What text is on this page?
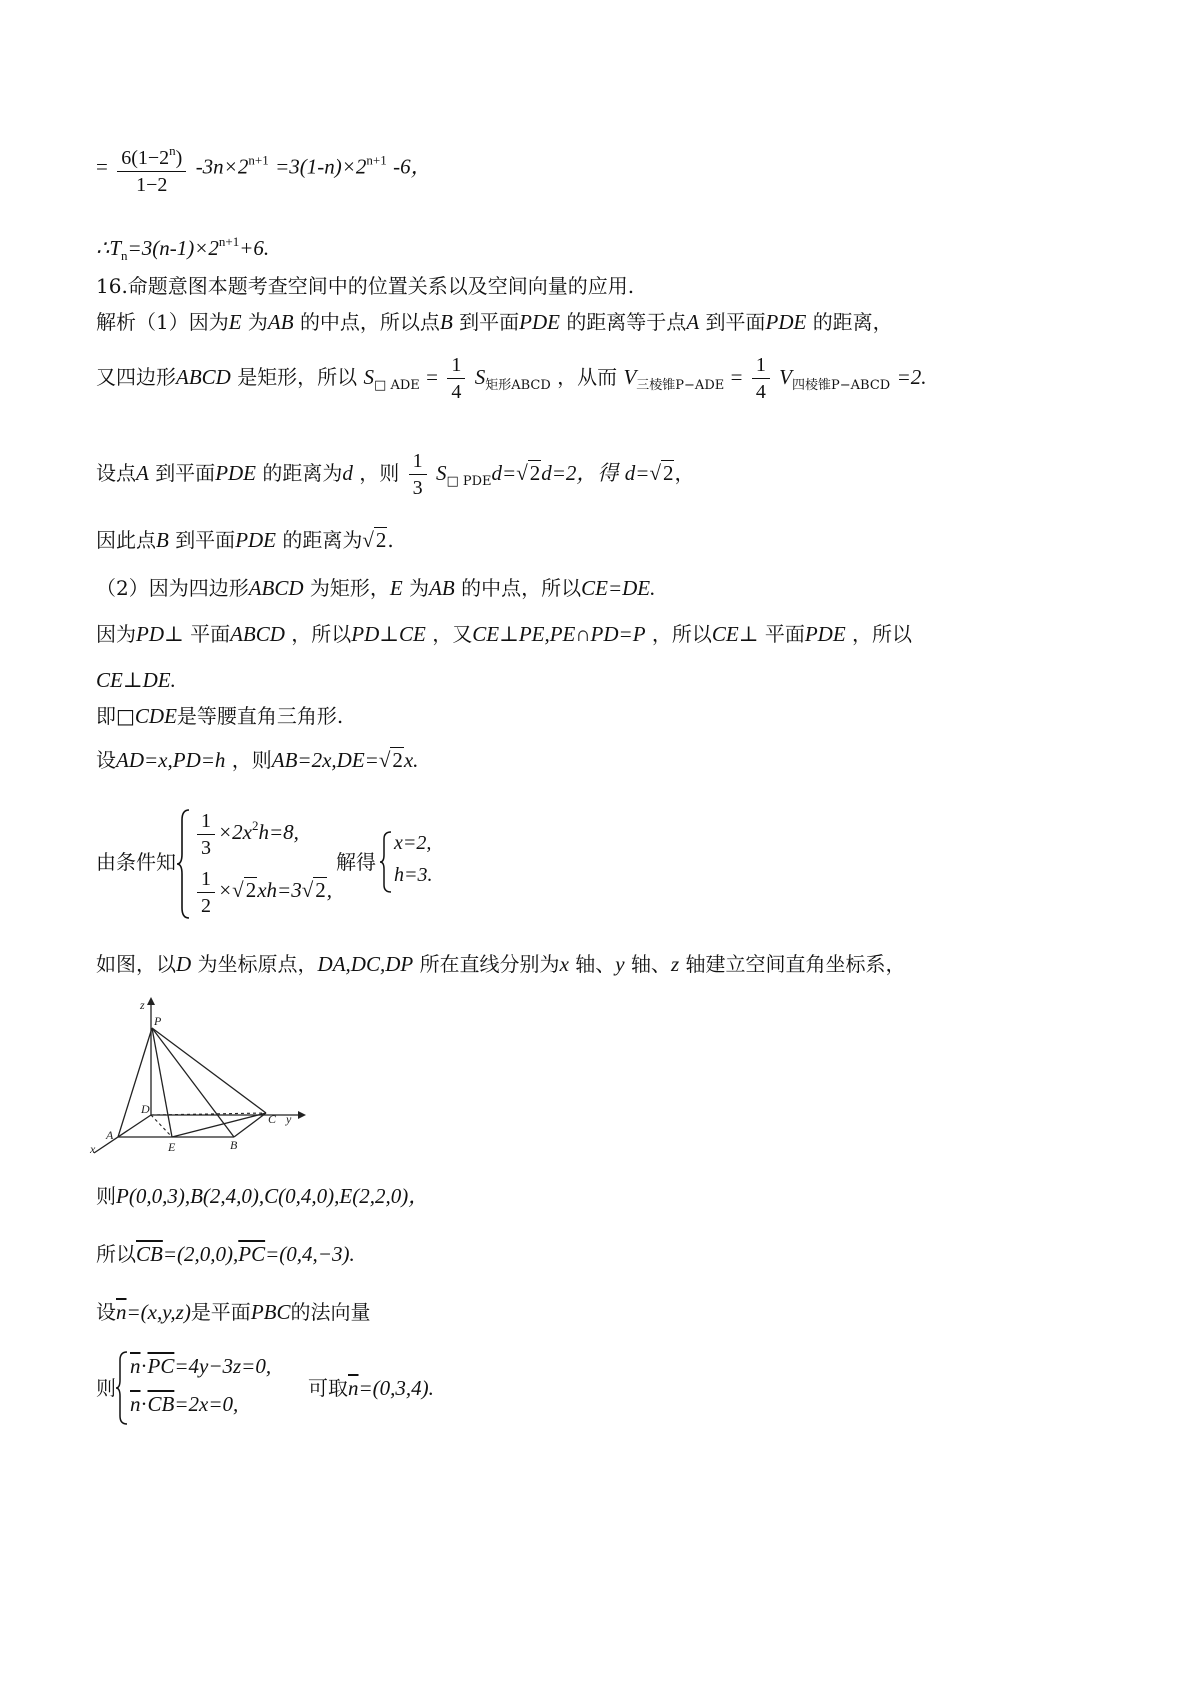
= $\frac{6(1-2^n)}{1-2} -3n\times 2^{n+1} =3(1-n)\times 2^{n+1}$ -6，
$\therefore T_n=3(n-1)\times 2^{n+1}+6$.
16.命题意图本题考查空间中的位置关系以及空间向量的应用.
解析（1）因为E 为AB 的中点，所以点B 到平面PDE 的距离等于点A 到平面PDE 的距离，
又四边形ABCD 是矩形，所以 $S_{□ ADE} = \frac{1}{4} S_{矩形ABCD}$ ，从而 $V_{三棱锥P-ADE} = \frac{1}{4} V_{四棱锥P-ABCD} =2$.
设点A 到平面PDE 的距离为d ，则 $\frac{1}{3} S_{□ PDE}d=√2d=2$，得 d=√2，
因此点B 到平面PDE 的距离为√2.
（2）因为四边形ABCD 为矩形，E 为AB 的中点，所以CE=DE.
因为PD⊥ 平面ABCD ，所以PD⊥CE ，又CE⊥PE,PE∩PD=P ，所以CE⊥ 平面PDE ，所以
CE⊥DE.
即□CDE是等腰直角三角形.
设AD=x,PD=h ，则AB=2x,DE=√2x.
由条件知
$\frac{1}{3} \times 2x^2h=8$,
$\frac{1}{2} \times√2xh=3√2$,
解得
x=2,
h=3.
如图，以D 为坐标原点，DA,DC,DP 所在直线分别为x 轴、y 轴、z 轴建立空间直角坐标系，
z
P
D
C y
A
E	B
x
则P(0,0,3),B(2,4,0),C(0,4,0),E(2,2,0)，
所以$\overline{CB}=(2,0,0),\overline{PC}=(0,4,-3)$.
设$\overline{n}=(x,y,z)$是平面PBC的法向量
则
$\overline{n}\cdot\overline{PC}=4y-3z=0$,
$\overline{n}\cdot\overline{CB}=2x=0$,
可取$\overline{n}=(0,3,4)$.
